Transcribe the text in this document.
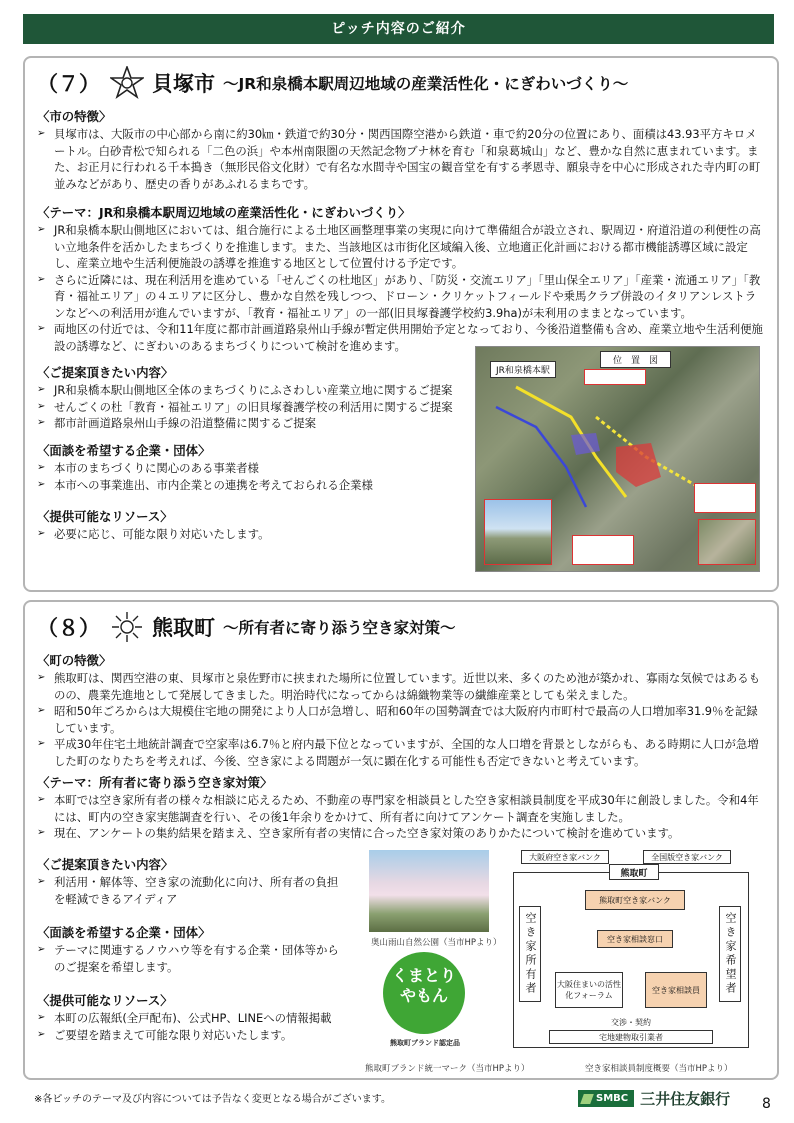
ピッチ内容のご紹介
（７） 貝塚市 ～JR和泉橋本駅周辺地域の産業活性化・にぎわいづくり～
〈市の特徴〉
➢ 貝塚市は、大阪市の中心部から南に約30㎞・鉄道で約30分・関西国際空港から鉄道・車で約20分の位置にあり、面積は43.93平方キロメートル。白砂青松で知られる「二色の浜」や本州南限圏の天然記念物ブナ林を育む「和泉葛城山」など、豊かな自然に恵まれています。また、お正月に行われる千本搗き（無形民俗文化財）で有名な水間寺や国宝の観音堂を有する孝恩寺、願泉寺を中心に形成された寺内町の町並みなどがあり、歴史の香りがあふれるまちです。
〈テーマ：JR和泉橋本駅周辺地域の産業活性化・にぎわいづくり〉
➢ JR和泉橋本駅山側地区においては、組合施行による土地区画整理事業の実現に向けて準備組合が設立され、駅周辺・府道沿道の利便性の高い立地条件を活かしたまちづくりを推進します。また、当該地区は市街化区域編入後、立地適正化計画における都市機能誘導区域に設定し、産業立地や生活利便施設の誘導を推進する地区として位置付ける予定です。
➢ さらに近隣には、現在利活用を進めている「せんごくの杜地区」があり、「防災・交流エリア」「里山保全エリア」「産業・流通エリア」「教育・福祉エリア」の４エリアに区分し、豊かな自然を残しつつ、ドローン・クリケットフィールドや乗馬クラブ併設のイタリアンレストランなどへの利活用が進んでいますが、「教育・福祉エリア」の一部(旧貝塚養護学校約3.9ha)が未利用のままとなっています。
➢ 両地区の付近では、令和11年度に都市計画道路泉州山手線が暫定供用開始予定となっており、今後沿道整備も含め、産業立地や生活利便施設の誘導など、にぎわいのあるまちづくりについて検討を進めます。
〈ご提案頂きたい内容〉
➢ JR和泉橋本駅山側地区全体のまちづくりにふさわしい産業立地に関するご提案
➢ せんごくの杜「教育・福祉エリア」の旧貝塚養護学校の利活用に関するご提案
➢ 都市計画道路泉州山手線の沿道整備に関するご提案
〈面談を希望する企業・団体〉
➢ 本市のまちづくりに関心のある事業者様
➢ 本市への事業進出、市内企業との連携を考えておられる企業様
〈提供可能なリソース〉
➢ 必要に応じ、可能な限り対応いたします。
JR和泉橋本駅
位　置　図
（８） 熊取町 ～所有者に寄り添う空き家対策～
〈町の特徴〉
➢ 熊取町は、関西空港の東、貝塚市と泉佐野市に挟まれた場所に位置しています。近世以来、多くのため池が築かれ、寡雨な気候ではあるものの、農業先進地として発展してきました。明治時代になってからは綿織物業等の繊維産業としても栄えました。
➢ 昭和50年ごろからは大規模住宅地の開発により人口が急増し、昭和60年の国勢調査では大阪府内市町村で最高の人口増加率31.9％を記録しています。
➢ 平成30年住宅土地統計調査で空家率は6.7％と府内最下位となっていますが、全国的な人口増を背景としながらも、ある時期に人口が急増した町のなりたちを考えれば、今後、空き家による問題が一気に顕在化する可能性も否定できないと考えています。
〈テーマ：所有者に寄り添う空き家対策〉
➢ 本町では空き家所有者の様々な相談に応えるため、不動産の専門家を相談員とした空き家相談員制度を平成30年に創設しました。令和4年には、町内の空き家実態調査を行い、その後1年余りをかけて、所有者に向けてアンケート調査を実施しました。
➢ 現在、アンケートの集約結果を踏まえ、空き家所有者の実情に合った空き家対策のありかたについて検討を進めています。
〈ご提案頂きたい内容〉
➢ 利活用・解体等、空き家の流動化に向け、所有者の負担を軽減できるアイディア
〈面談を希望する企業・団体〉
➢ テーマに関連するノウハウ等を有する企業・団体等からのご提案を希望します。
〈提供可能なリソース〉
➢ 本町の広報紙(全戸配布)、公式HP、LINEへの情報掲載
➢ ご要望を踏まえて可能な限り対応いたします。
奥山雨山自然公園（当市HPより）
くまとり
やもん
熊取町ブランド認定品
熊取町ブランド統一マーク（当市HPより）
大阪府空き家バンク	全国版空き家バンク
熊取町
空き家所有者	空き家希望者
熊取町空き家バンク
空き家相談窓口
大阪住まいの活性化フォーラム
空き家相談員
交渉・契約
宅地建物取引業者
空き家相談員制度概要（当市HPより）
※各ピッチのテーマ及び内容については予告なく変更となる場合がございます。	SMBC 三井住友銀行 8
